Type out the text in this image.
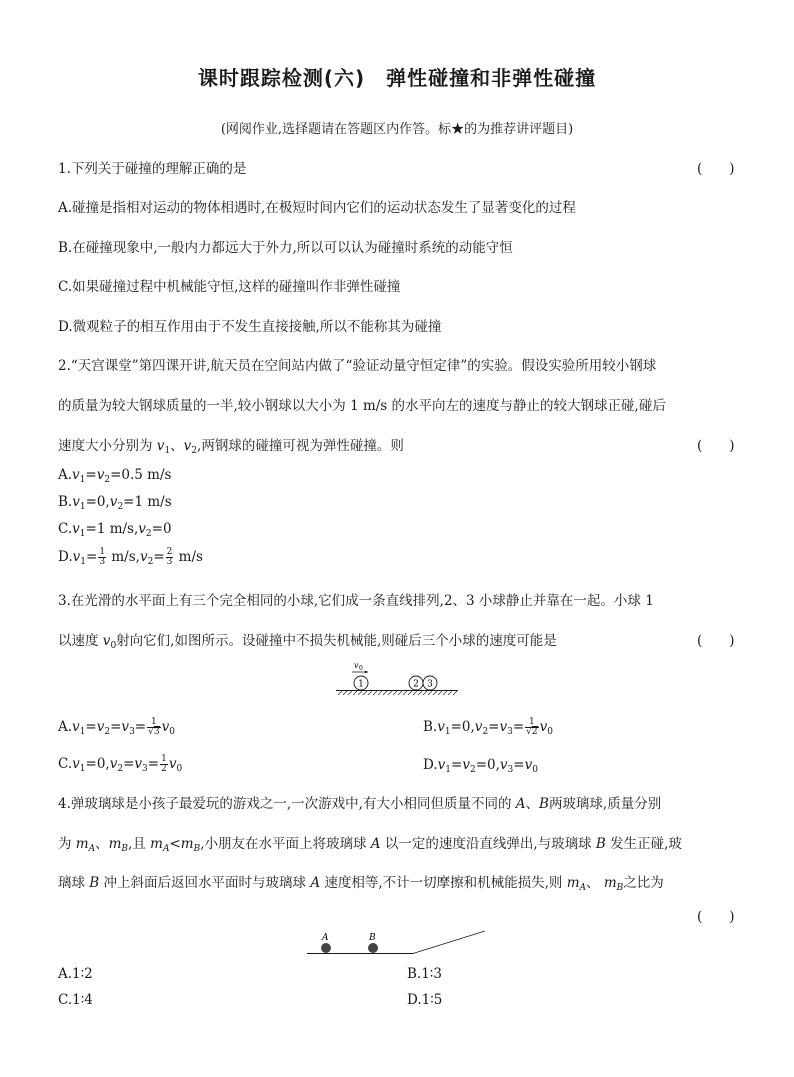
课时跟踪检测(六)　弹性碰撞和非弹性碰撞
(网阅作业,选择题请在答题区内作答。标★的为推荐讲评题目)
1.下列关于碰撞的理解正确的是	(　　)
A.碰撞是指相对运动的物体相遇时,在极短时间内它们的运动状态发生了显著变化的过程
B.在碰撞现象中,一般内力都远大于外力,所以可以认为碰撞时系统的动能守恒
C.如果碰撞过程中机械能守恒,这样的碰撞叫作非弹性碰撞
D.微观粒子的相互作用由于不发生直接接触,所以不能称其为碰撞
2.“天宫课堂”第四课开讲,航天员在空间站内做了“验证动量守恒定律”的实验。假设实验所用较小钢球
的质量为较大钢球质量的一半,较小钢球以大小为 1 m/s 的水平向左的速度与静止的较大钢球正碰,碰后
速度大小分别为 $v_1$、$v_2$,两钢球的碰撞可视为弹性碰撞。则	(　　)
$A.v_1=v_2=0.5$ m/s
$B.v_1=0,v_2=1$ m/s
$C.v_1=1$ $m/s,v_2=0$
$D.v_1= \frac{1}{3} m/s,v_2= \frac{2}{3} m/s$
3.在光滑的水平面上有三个完全相同的小球,它们成一条直线排列,2、3 小球静止并靠在一起。小球 1
以速度 $v_0$射向它们,如图所示。设碰撞中不损失机械能,则碰后三个小球的速度可能是	(　　)
v 0
1	2 3
$A.v_1=v_2=v_3= \frac{1}{√3} v_0$	$B.v_1=0,v_2=v_3= \frac{1}{√2} v_0$
$C.v_1=0,v_2=v_3= \frac{1}{2} v_0$	$D.v_1=v_2=0,v_3=v_0$
4.弹玻璃球是小孩子最爱玩的游戏之一,一次游戏中,有大小相同但质量不同的 A、B两玻璃球,质量分别
为 $m_A$、$m_B$,且 $m_A<m_B$,小朋友在水平面上将玻璃球 A 以一定的速度沿直线弹出,与玻璃球 B 发生正碰,玻
璃球 B 冲上斜面后返回水平面时与玻璃球 A 速度相等,不计一切摩擦和机械能损失,则 $m_A$、 $m_B$之比为
(　　)
A	B
A.1∶2	B.1∶3
C.1∶4	D.1∶5
